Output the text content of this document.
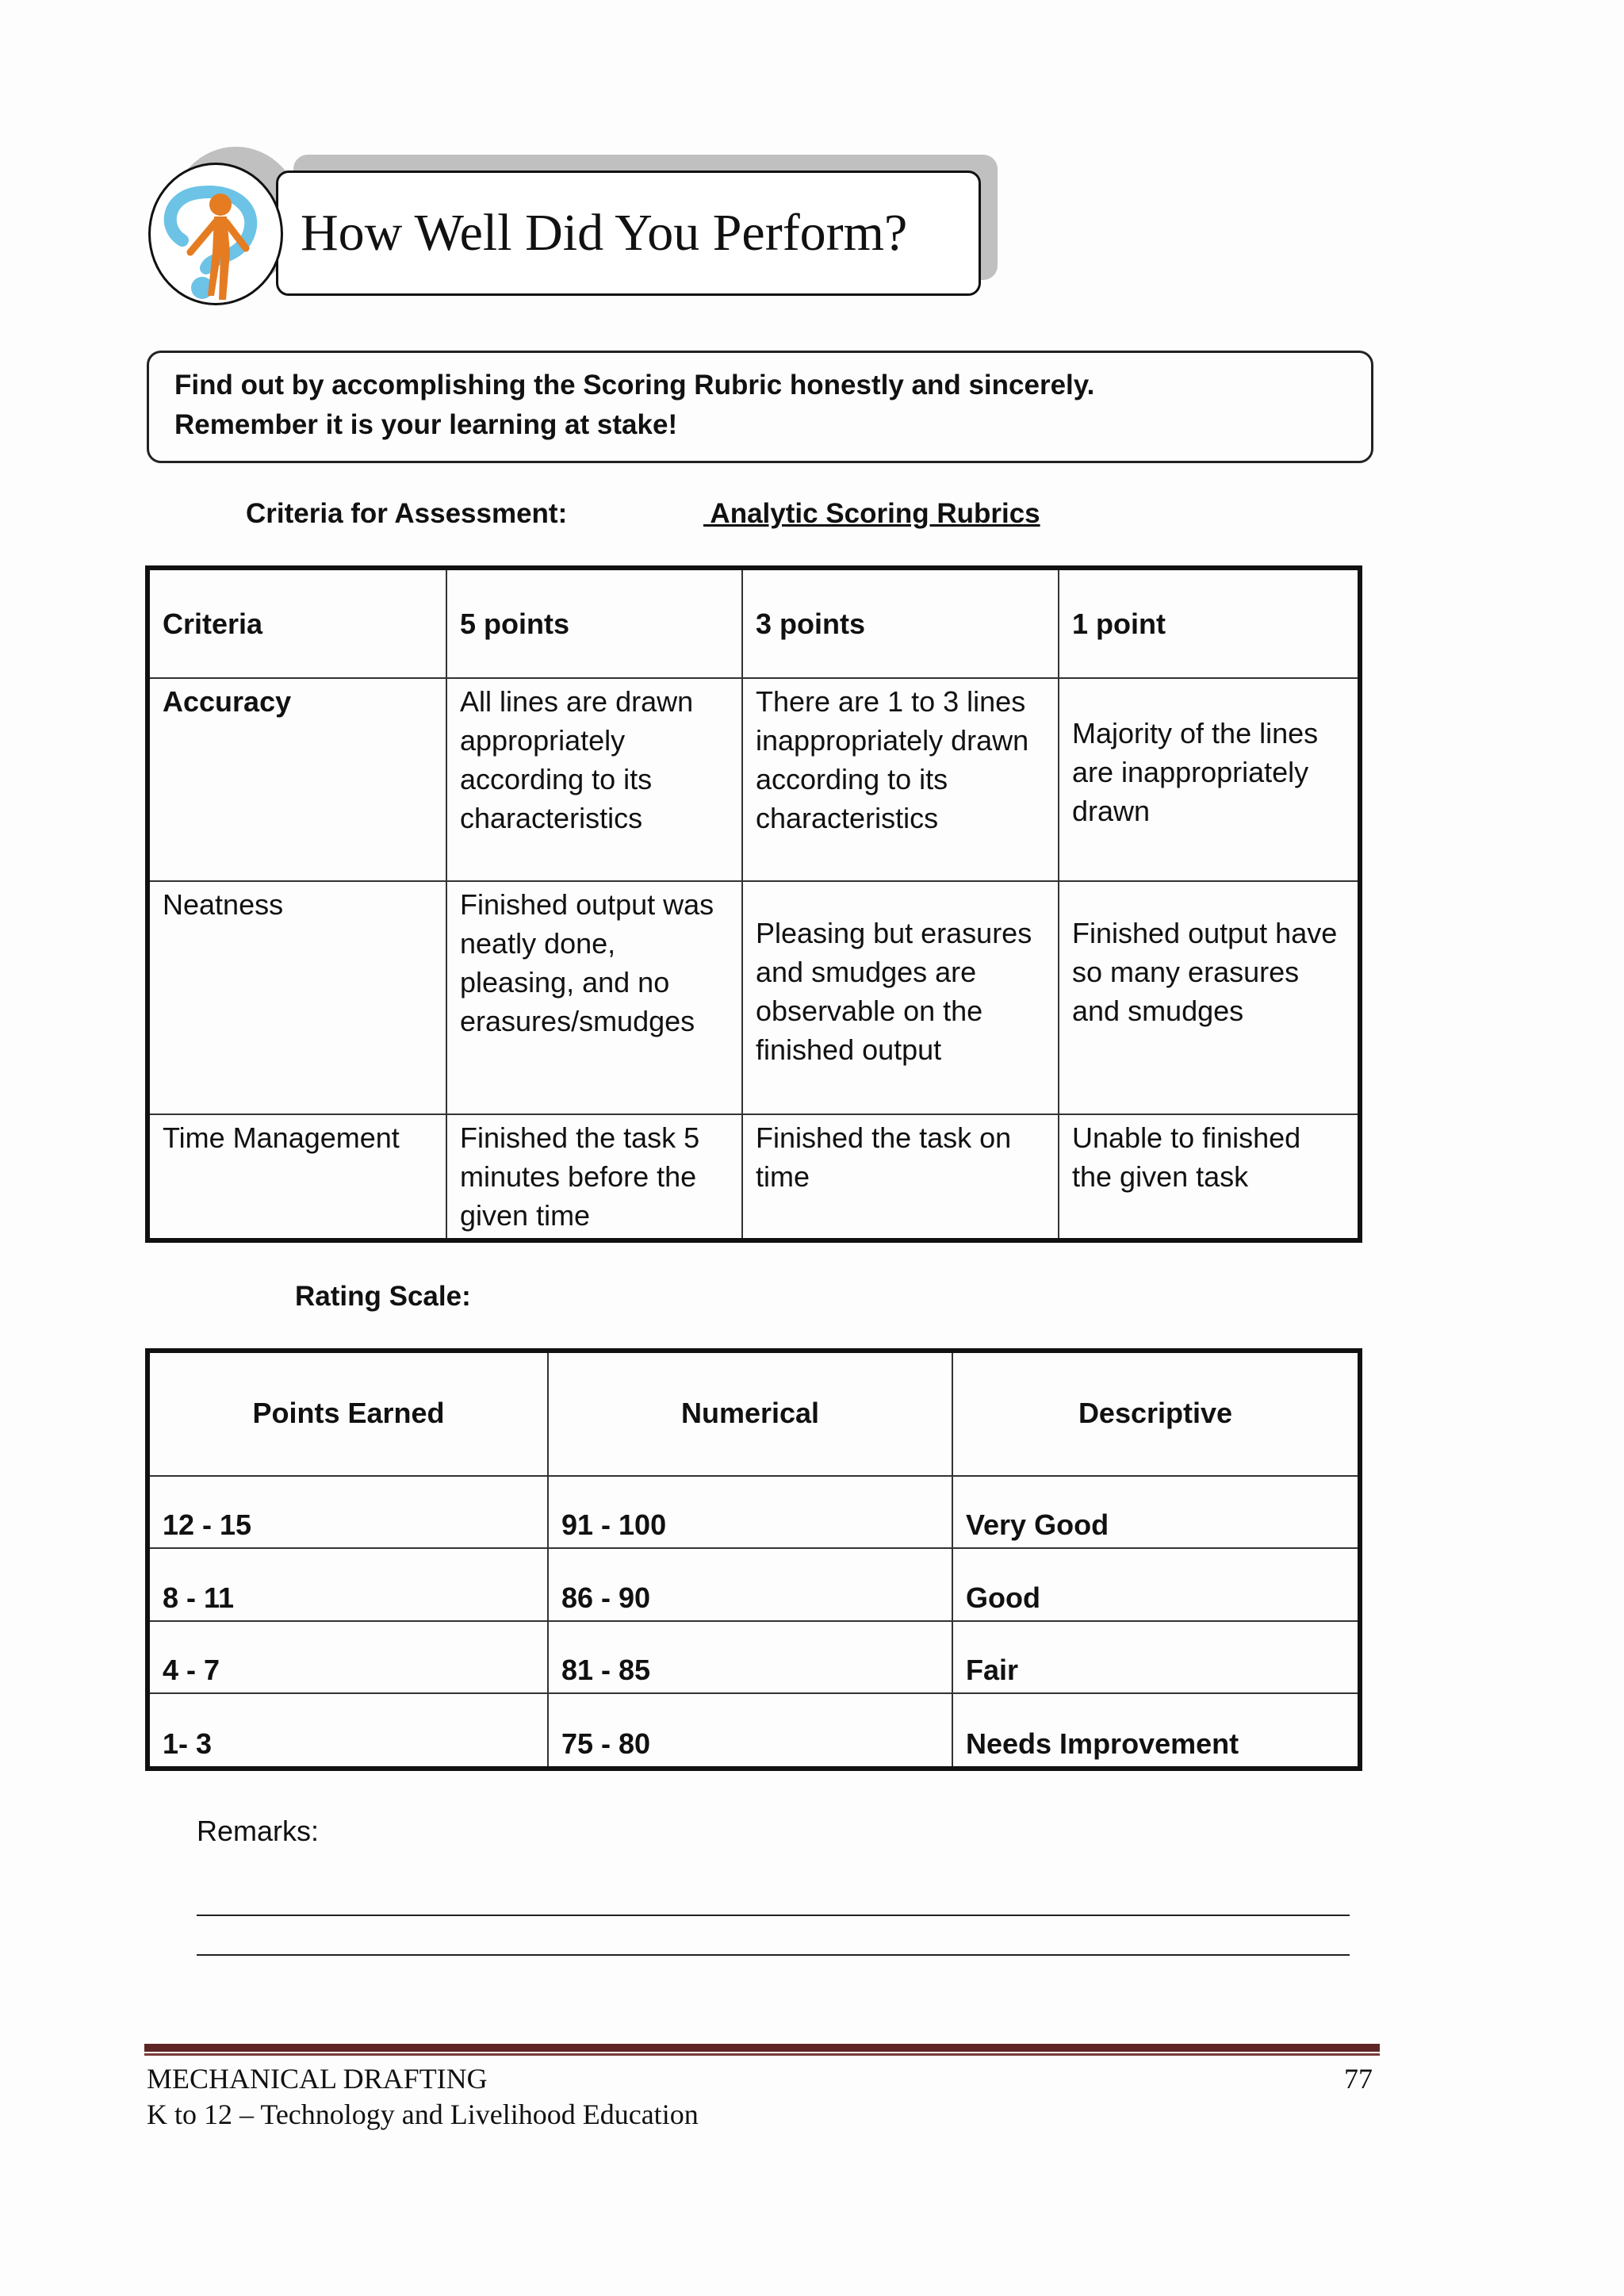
How Well Did You Perform?
Find out by accomplishing the Scoring Rubric honestly and sincerely.
Remember it is your learning at stake!
Criteria for Assessment:	Analytic Scoring Rubrics
Criteria	5 points	3 points	1 point
Accuracy	All lines are drawn appropriately according to its characteristics	There are 1 to 3 lines inappropriately drawn according to its characteristics	Majority of the lines are inappropriately drawn
Neatness	Finished output was neatly done, pleasing, and no erasures/smudges	Pleasing but erasures and smudges are observable on the finished output	Finished output have so many erasures and smudges
Time Management	Finished the task 5 minutes before the given time	Finished the task on time	Unable to finished the given task
Rating Scale:
Points Earned	Numerical	Descriptive
12 - 15	91 - 100	Very Good
8 - 11	86 - 90	Good
4 - 7	81 - 85	Fair
1- 3	75 - 80	Needs Improvement
Remarks:
MECHANICAL DRAFTING
K to 12 – Technology and Livelihood Education
77
